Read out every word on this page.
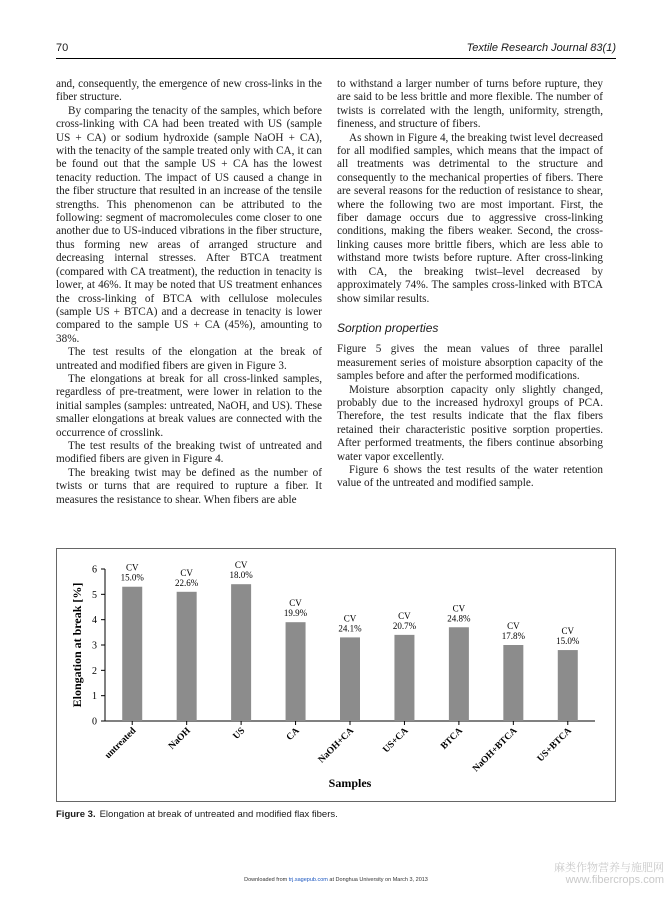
70	Textile Research Journal 83(1)

and, consequently, the emergence of new cross-links in the fiber structure.

By comparing the tenacity of the samples, which before cross-linking with CA had been treated with US (sample US + CA) or sodium hydroxide (sample NaOH + CA), with the tenacity of the sample treated only with CA, it can be found out that the sample US + CA has the lowest tenacity reduction. The impact of US caused a change in the fiber structure that resulted in an increase of the tensile strengths. This phenomenon can be attributed to the following: segment of macromolecules come closer to one another due to US-induced vibrations in the fiber structure, thus forming new areas of arranged structure and decreasing internal stresses. After BTCA treatment (compared with CA treatment), the reduction in tenacity is lower, at 46%. It may be noted that US treatment enhances the cross-linking of BTCA with cellulose molecules (sample US + BTCA) and a decrease in tenacity is lower compared to the sample US + CA (45%), amounting to 38%.

The test results of the elongation at the break of untreated and modified fibers are given in Figure 3.

The elongations at break for all cross-linked samples, regardless of pre-treatment, were lower in relation to the initial samples (samples: untreated, NaOH, and US). These smaller elongations at break values are connected with the occurrence of crosslink.

The test results of the breaking twist of untreated and modified fibers are given in Figure 4.

The breaking twist may be defined as the number of twists or turns that are required to rupture a fiber. It measures the resistance to shear. When fibers are able

to withstand a larger number of turns before rupture, they are said to be less brittle and more flexible. The number of twists is correlated with the length, uniformity, strength, fineness, and structure of fibers.

As shown in Figure 4, the breaking twist level decreased for all modified samples, which means that the impact of all treatments was detrimental to the structure and consequently to the mechanical properties of fibers. There are several reasons for the reduction of resistance to shear, where the following two are most important. First, the fiber damage occurs due to aggressive cross-linking conditions, making the fibers weaker. Second, the cross-linking causes more brittle fibers, which are less able to withstand more twists before rupture. After cross-linking with CA, the breaking twist–level decreased by approximately 74%. The samples cross-linked with BTCA show similar results.

Sorption properties

Figure 5 gives the mean values of three parallel measurement series of moisture absorption capacity of the samples before and after the performed modifications.

Moisture absorption capacity only slightly changed, probably due to the increased hydroxyl groups of PCA. Therefore, the test results indicate that the flax fibers retained their characteristic positive sorption properties. After performed treatments, the fibers continue absorbing water vapor excellently.

Figure 6 shows the test results of the water retention value of the untreated and modified sample.

0
1
2
3
4
5
6
Elongation at break [%]
CV
15.0%
untreated
CV
22.6%
NaOH
CV
18.0%
US
CV
19.9%
CA
CV
24.1%
NaOH+CA
CV
20.7%
US+CA
CV
24.8%
BTCA
CV
17.8%
NaOH+BTCA
CV
15.0%
US+BTCA
Samples
Figure 3. Elongation at break of untreated and modified flax fibers.
Downloaded from trj.sagepub.com at Donghua University on March 3, 2013
麻类作物营养与施肥网
www.fibercrops.com
